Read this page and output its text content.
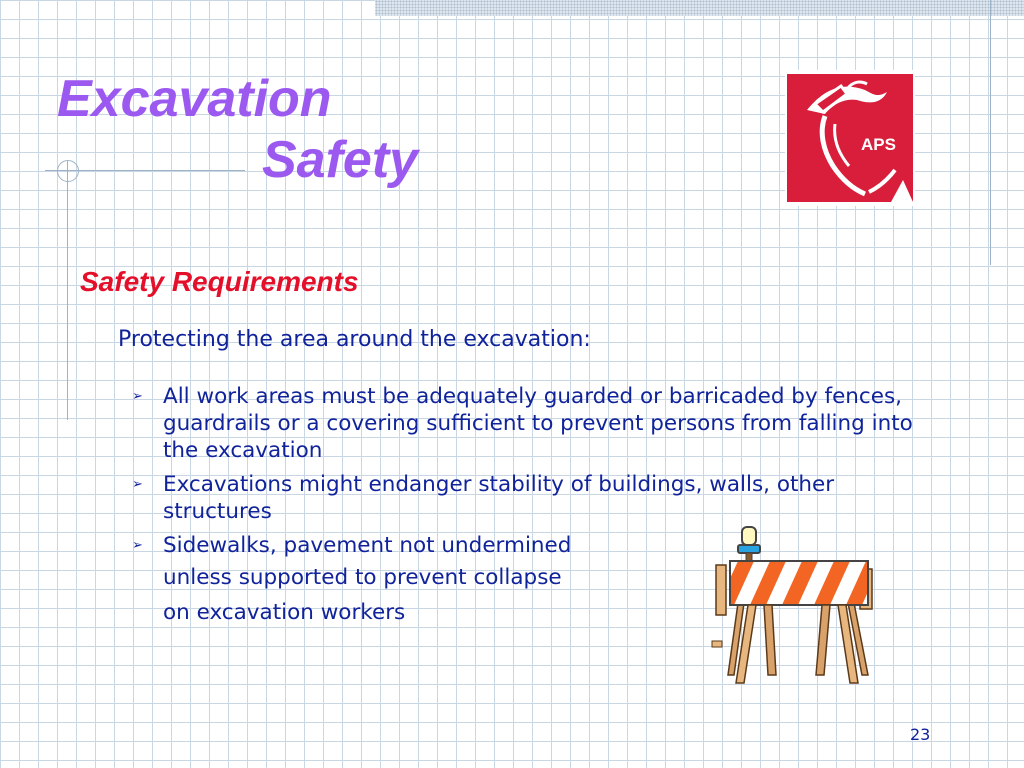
Excavation
Safety	APS
Safety Requirements

Protecting the area around the excavation:

➢ All work areas must be adequately guarded or barricaded by fences, guardrails or a covering sufficient to prevent persons from falling into the excavation
➢ Excavations might endanger stability of buildings, walls, other structures
➢ Sidewalks, pavement not undermined

unless supported to prevent collapse

on excavation workers

23
